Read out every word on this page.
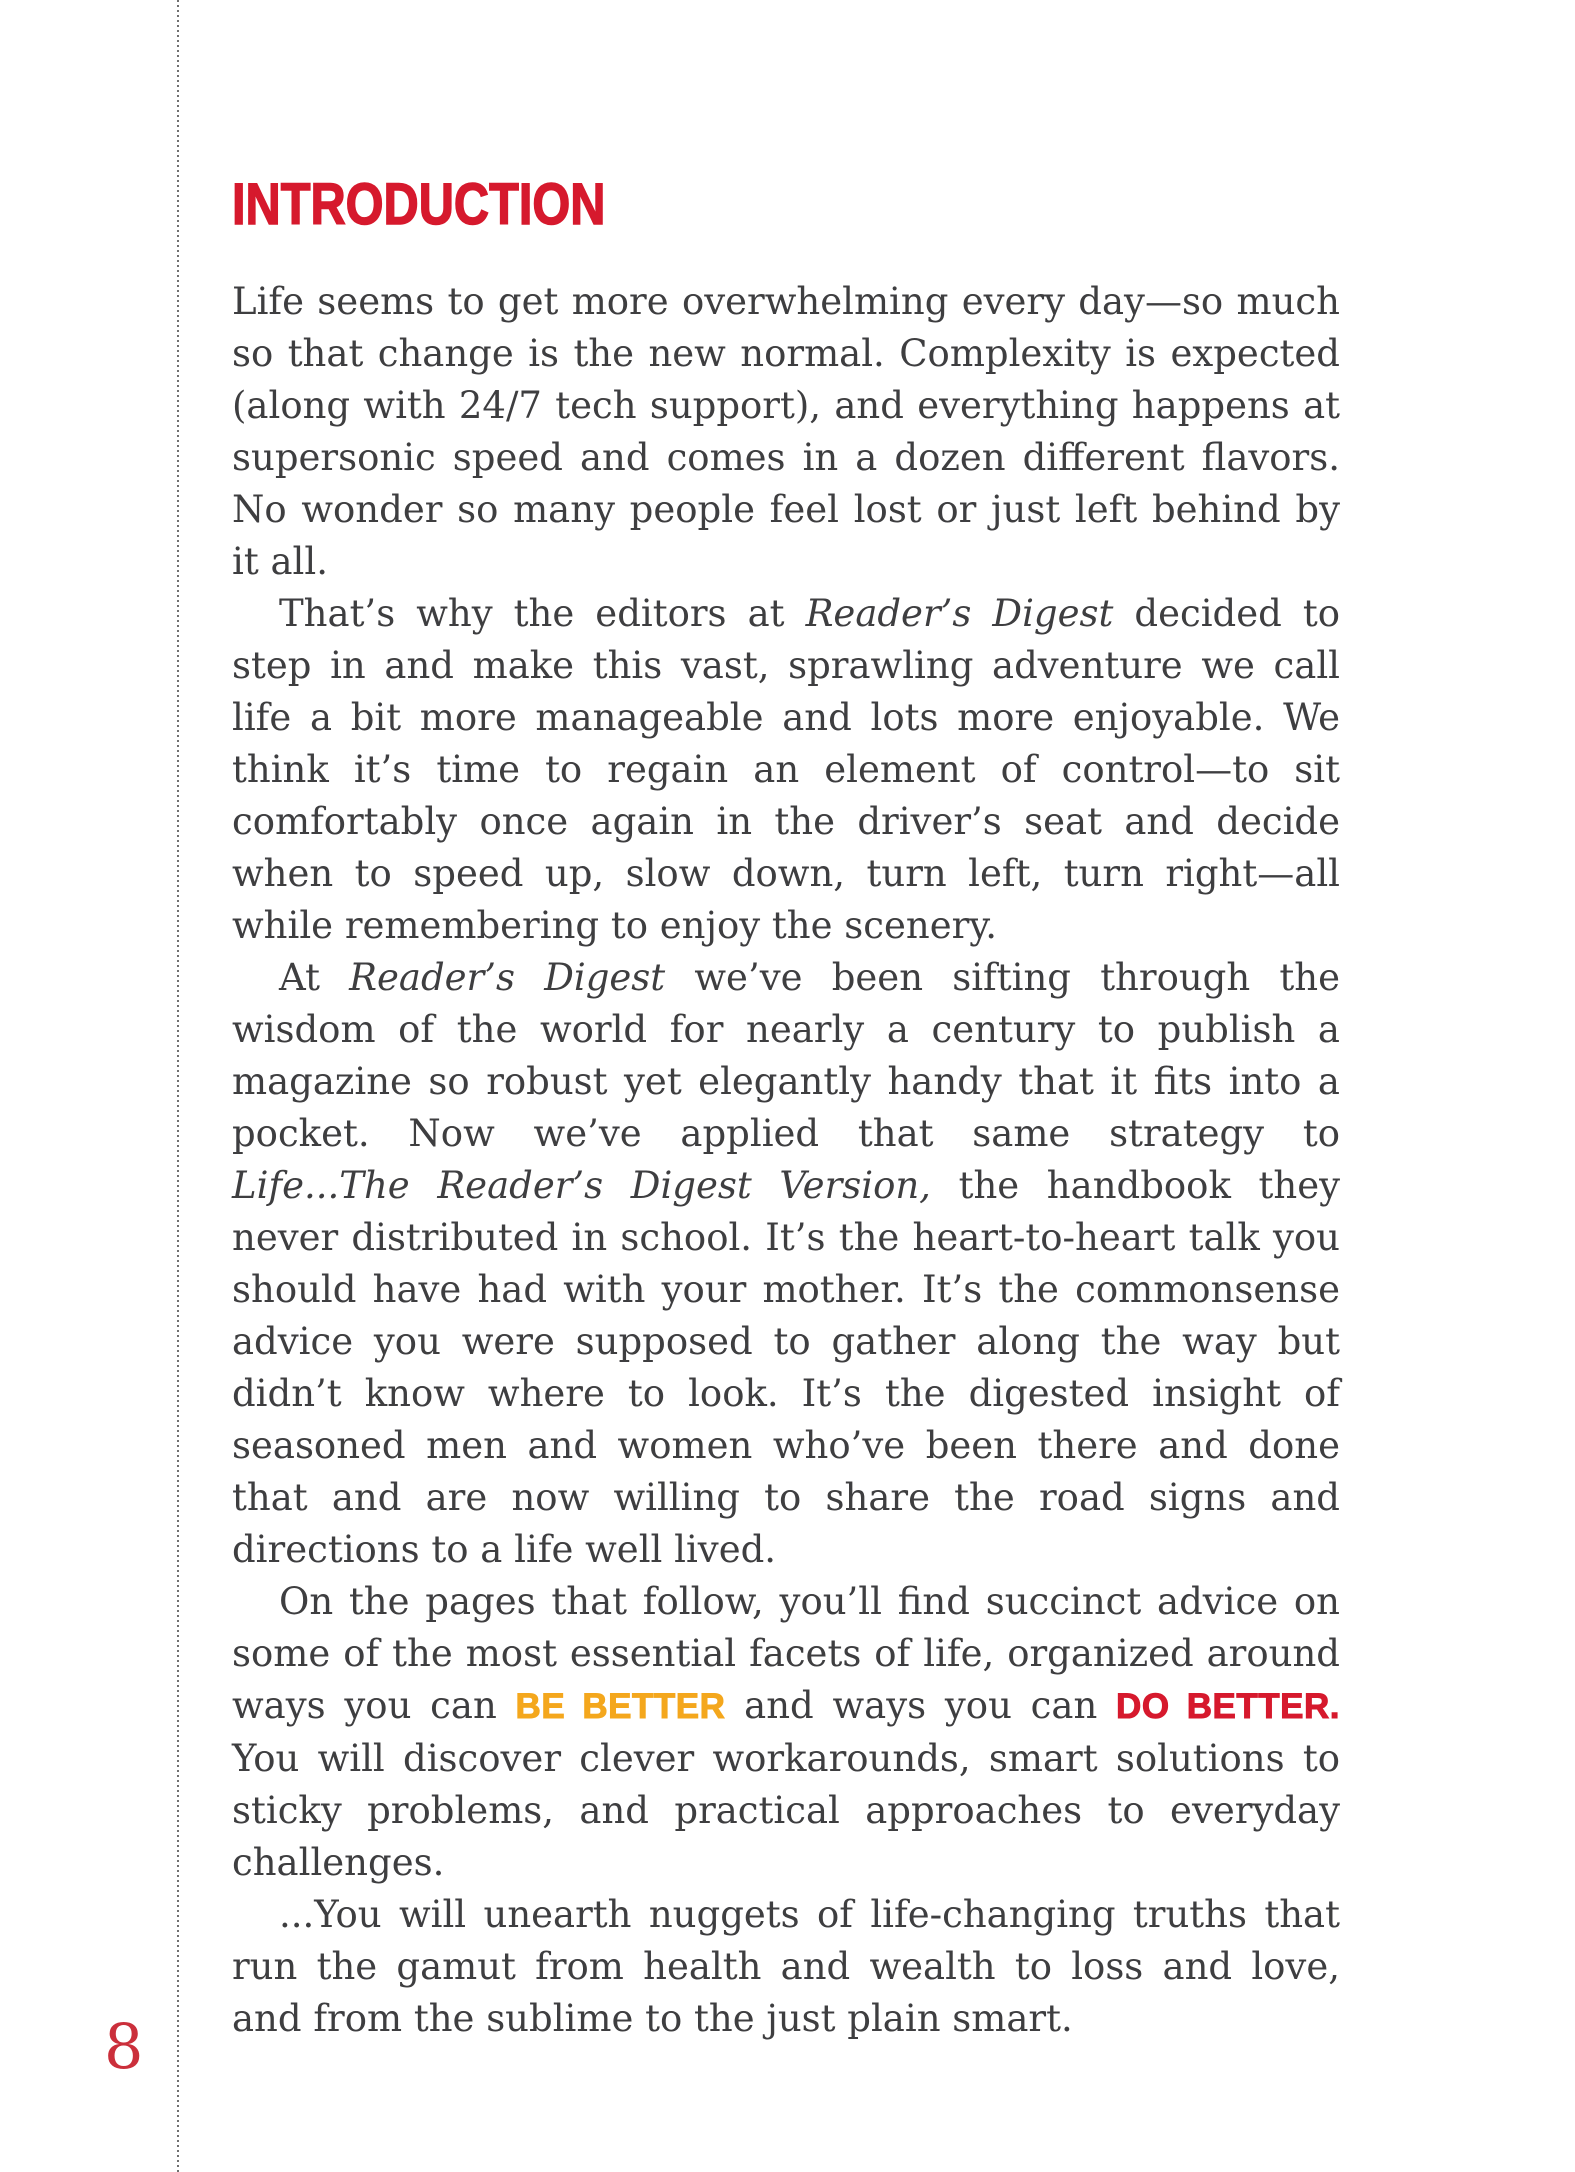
INTRODUCTION

Life seems to get more overwhelming every day—so much so that change is the new normal. Complexity is expected (along with 24/7 tech support), and everything happens at supersonic speed and comes in a dozen different flavors. No wonder so many people feel lost or just left behind by it all.

That’s why the editors at Reader’s Digest decided to step in and make this vast, sprawling adventure we call life a bit more manageable and lots more enjoyable. We think it’s time to regain an element of control—to sit comfortably once again in the driver’s seat and decide when to speed up, slow down, turn left, turn right—all while remembering to enjoy the scenery.

At Reader’s Digest we’ve been sifting through the wisdom of the world for nearly a century to publish a magazine so robust yet elegantly handy that it fits into a pocket. Now we’ve applied that same strategy to Life...The Reader’s Digest Version, the handbook they never distributed in school. It’s the heart-to-heart talk you should have had with your mother. It’s the commonsense advice you were supposed to gather along the way but didn’t know where to look. It’s the digested insight of seasoned men and women who’ve been there and done that and are now willing to share the road signs and directions to a life well lived.

On the pages that follow, you’ll find succinct advice on some of the most essential facets of life, organized around ways you can BE BETTER and ways you can DO BETTER. You will discover clever workarounds, smart solutions to sticky problems, and practical approaches to everyday challenges.

...You will unearth nuggets of life-changing truths that run the gamut from health and wealth to loss and love, and from the sublime to the just plain smart.

8
